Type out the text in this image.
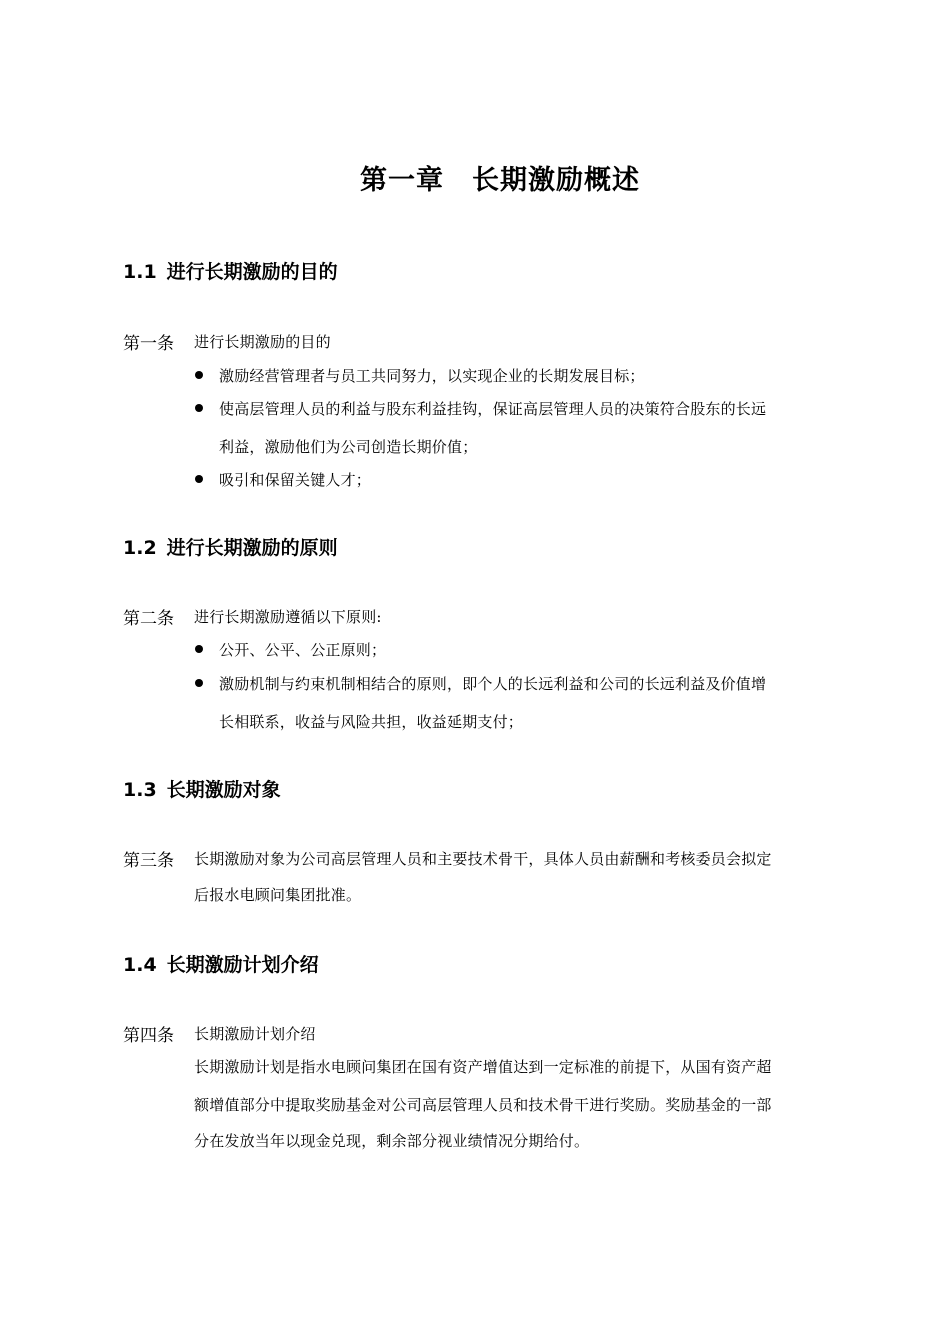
第一章　长期激励概述
1.1 进行长期激励的目的
第一条 进行长期激励的目的
激励经营管理者与员工共同努力，以实现企业的长期发展目标；
使高层管理人员的利益与股东利益挂钩，保证高层管理人员的决策符合股东的长远
利益，激励他们为公司创造长期价值；
吸引和保留关键人才；
1.2 进行长期激励的原则
第二条 进行长期激励遵循以下原则:
公开、公平、公正原则；
激励机制与约束机制相结合的原则，即个人的长远利益和公司的长远利益及价值增
长相联系，收益与风险共担，收益延期支付；
1.3 长期激励对象
第三条 长期激励对象为公司高层管理人员和主要技术骨干，具体人员由薪酬和考核委员会拟定
后报水电顾问集团批准。
1.4 长期激励计划介绍
第四条 长期激励计划介绍
长期激励计划是指水电顾问集团在国有资产增值达到一定标准的前提下，从国有资产超
额增值部分中提取奖励基金对公司高层管理人员和技术骨干进行奖励。奖励基金的一部
分在发放当年以现金兑现，剩余部分视业绩情况分期给付。
